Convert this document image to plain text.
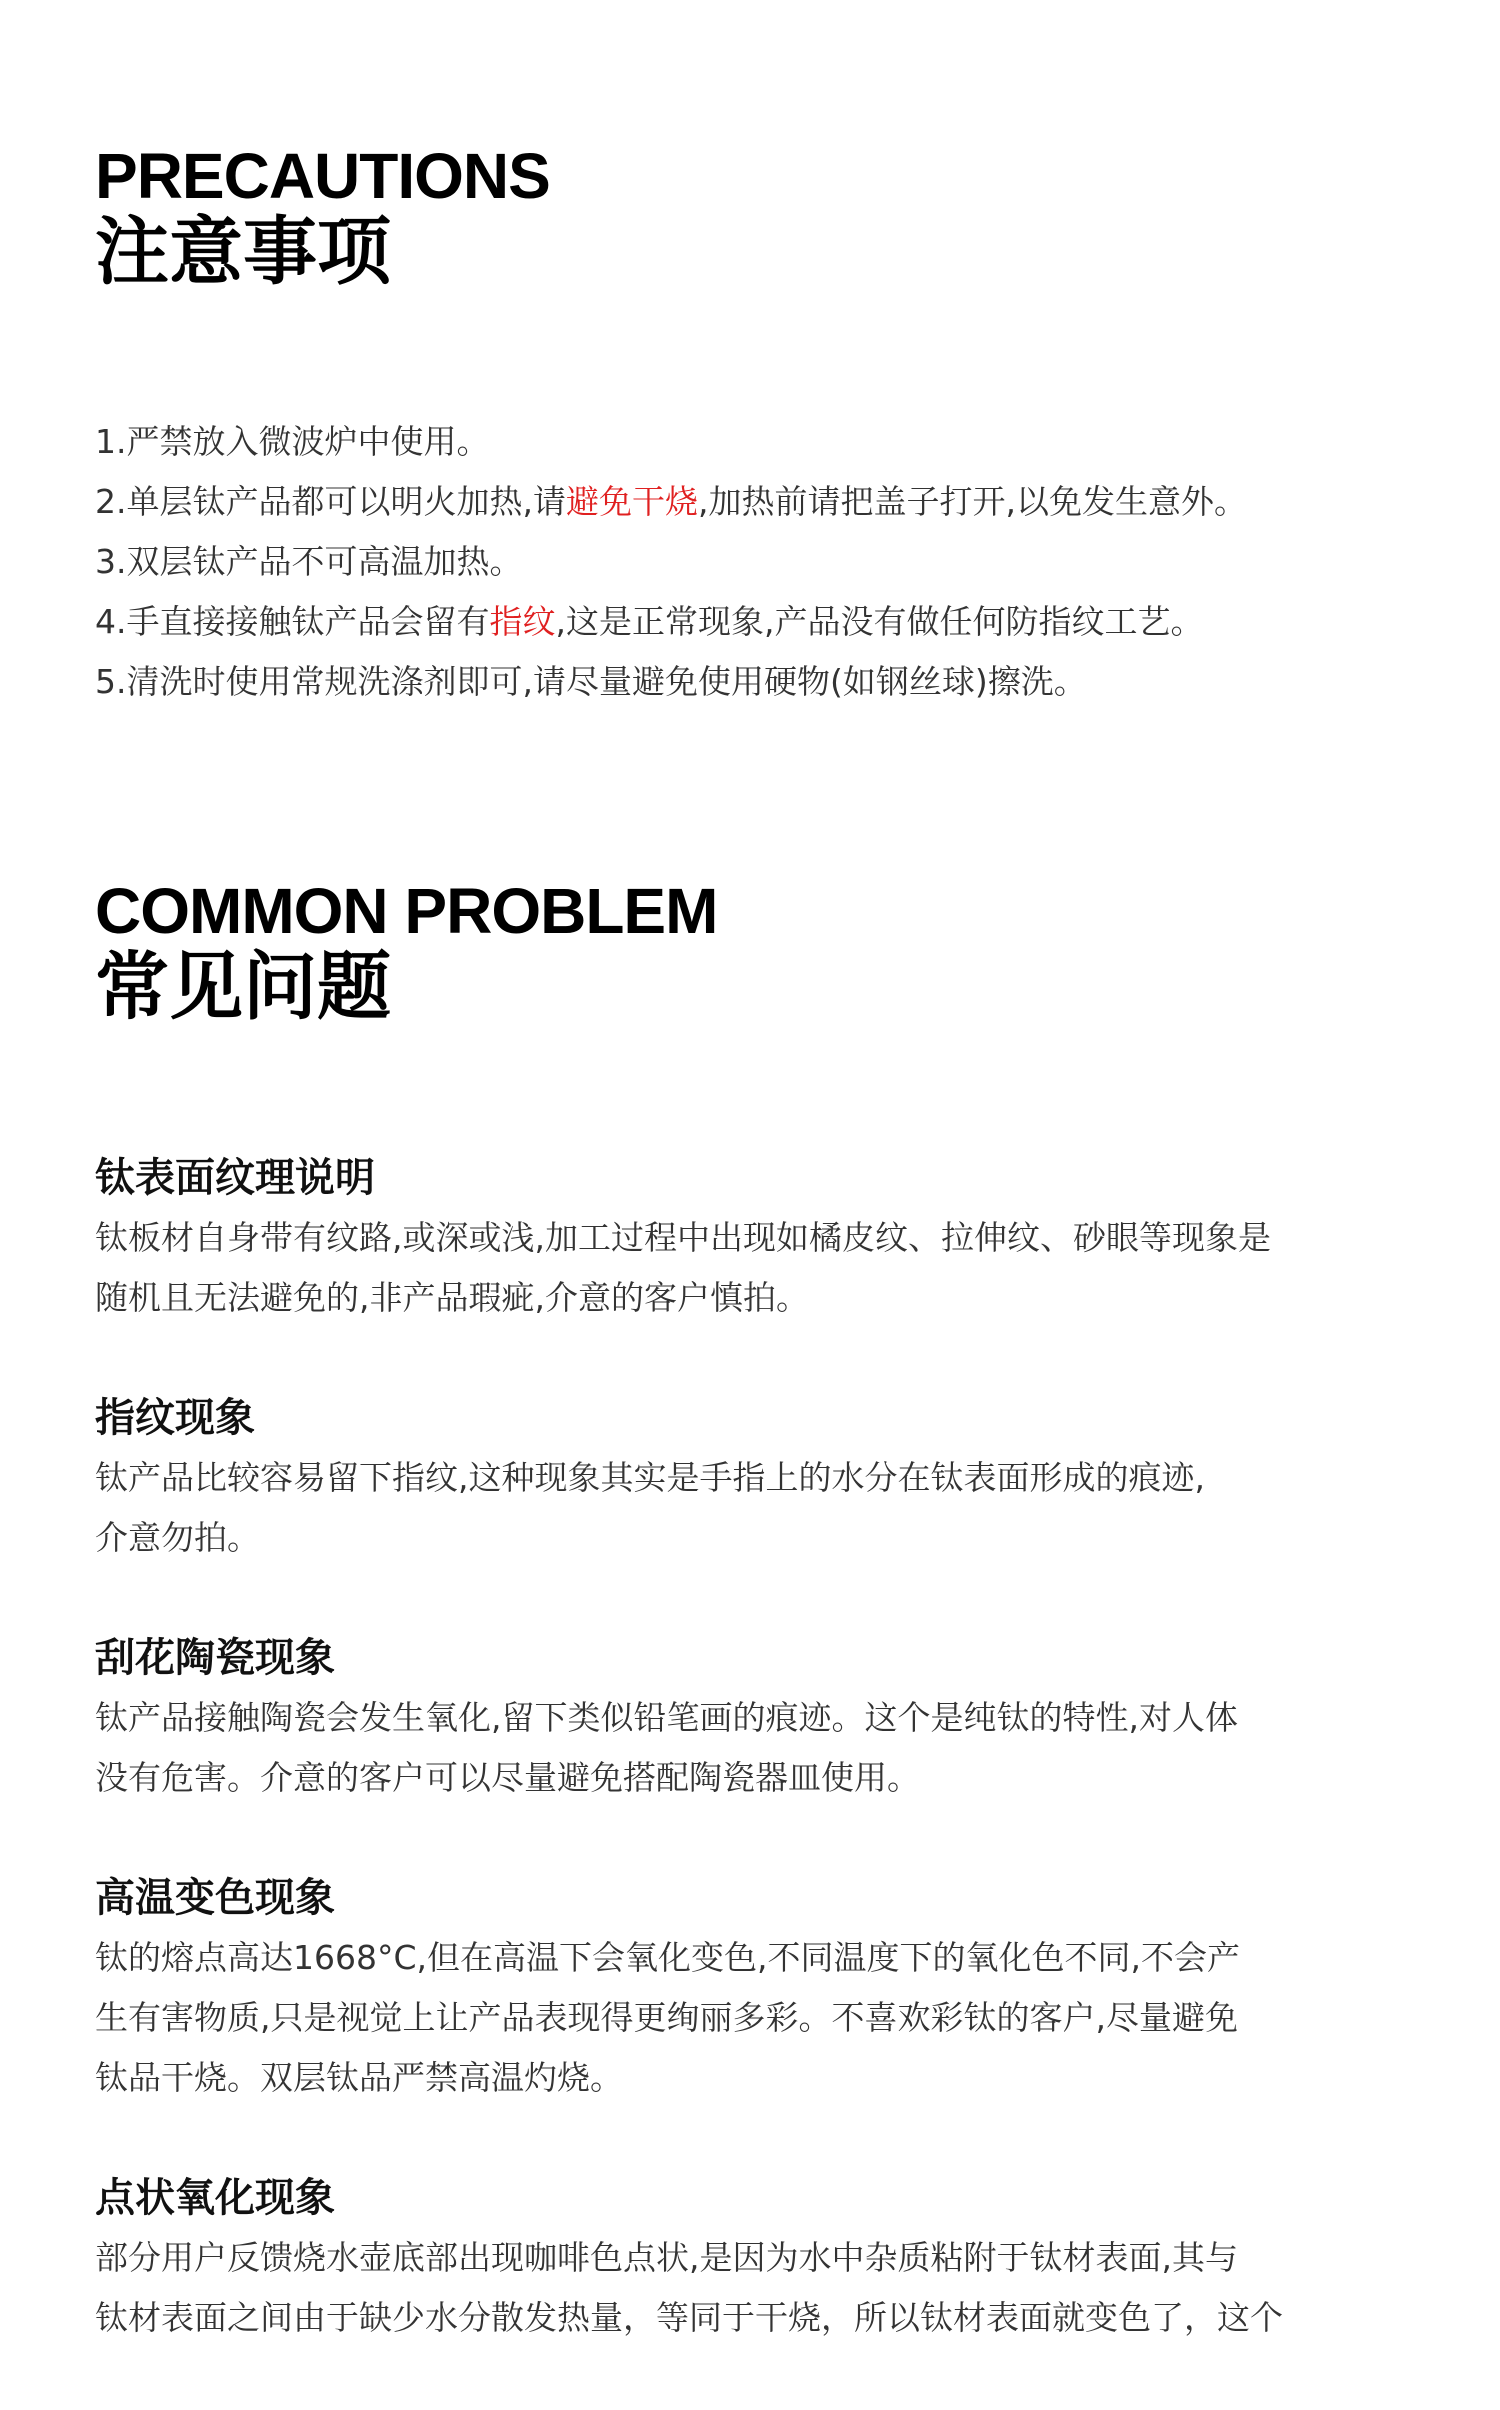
PRECAUTIONS
注意事项
1.严禁放入微波炉中使用。
2.单层钛产品都可以明火加热,请避免干烧,加热前请把盖子打开,以免发生意外。
3.双层钛产品不可高温加热。
4.手直接接触钛产品会留有指纹,这是正常现象,产品没有做任何防指纹工艺。
5.清洗时使用常规洗涤剂即可,请尽量避免使用硬物(如钢丝球)擦洗。
COMMON PROBLEM
常见问题
钛表面纹理说明

钛板材自身带有纹路,或深或浅,加工过程中出现如橘皮纹、拉伸纹、砂眼等现象是
随机且无法避免的,非产品瑕疵,介意的客户慎拍。

指纹现象

钛产品比较容易留下指纹,这种现象其实是手指上的水分在钛表面形成的痕迹,
介意勿拍。

刮花陶瓷现象

钛产品接触陶瓷会发生氧化,留下类似铅笔画的痕迹。这个是纯钛的特性,对人体
没有危害。介意的客户可以尽量避免搭配陶瓷器皿使用。

高温变色现象

钛的熔点高达1668°C,但在高温下会氧化变色,不同温度下的氧化色不同,不会产
生有害物质,只是视觉上让产品表现得更绚丽多彩。不喜欢彩钛的客户,尽量避免
钛品干烧。双层钛品严禁高温灼烧。

点状氧化现象

部分用户反馈烧水壶底部出现咖啡色点状,是因为水中杂质粘附于钛材表面,其与
钛材表面之间由于缺少水分散发热量，等同于干烧，所以钛材表面就变色了，这个
